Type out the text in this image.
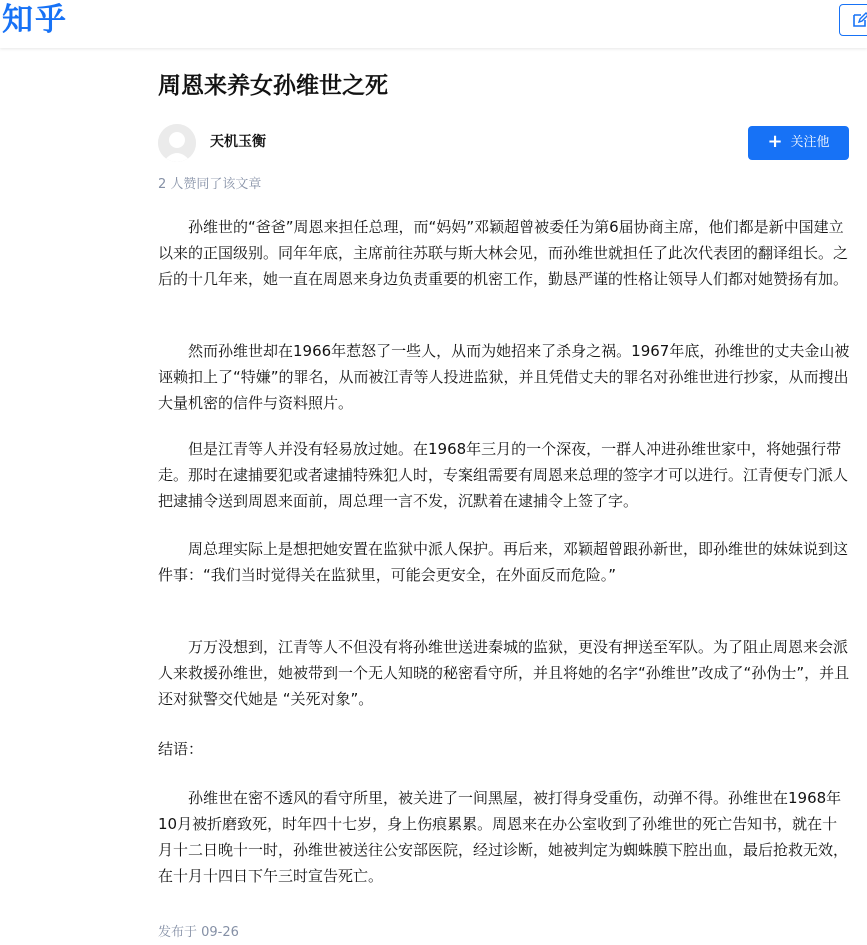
知乎
周恩来养女孙维世之死
天机玉衡	+ 关注他
2 人赞同了该文章

孙维世的“爸爸”周恩来担任总理，而“妈妈”邓颖超曾被委任为第6届协商主席，他们都是新中国建立以来的正国级别。同年年底，主席前往苏联与斯大林会见，而孙维世就担任了此次代表团的翻译组长。之后的十几年来，她一直在周恩来身边负责重要的机密工作，勤恳严谨的性格让领导人们都对她赞扬有加。

然而孙维世却在1966年惹怒了一些人，从而为她招来了杀身之祸。1967年底，孙维世的丈夫金山被诬赖扣上了“特嫌”的罪名，从而被江青等人投进监狱，并且凭借丈夫的罪名对孙维世进行抄家，从而搜出大量机密的信件与资料照片。

但是江青等人并没有轻易放过她。在1968年三月的一个深夜，一群人冲进孙维世家中，将她强行带走。那时在逮捕要犯或者逮捕特殊犯人时，专案组需要有周恩来总理的签字才可以进行。江青便专门派人把逮捕令送到周恩来面前，周总理一言不发，沉默着在逮捕令上签了字。

周总理实际上是想把她安置在监狱中派人保护。再后来，邓颖超曾跟孙新世，即孙维世的妹妹说到这件事：“我们当时觉得关在监狱里，可能会更安全，在外面反而危险。”

万万没想到，江青等人不但没有将孙维世送进秦城的监狱，更没有押送至军队。为了阻止周恩来会派人来救援孙维世，她被带到一个无人知晓的秘密看守所，并且将她的名字“孙维世”改成了“孙伪士”，并且还对狱警交代她是 “关死对象”。

结语：

孙维世在密不透风的看守所里，被关进了一间黑屋，被打得身受重伤，动弹不得。孙维世在1968年10月被折磨致死，时年四十七岁，身上伤痕累累。周恩来在办公室收到了孙维世的死亡告知书，就在十月十二日晚十一时，孙维世被送往公安部医院，经过诊断，她被判定为蜘蛛膜下腔出血，最后抢救无效，在十月十四日下午三时宣告死亡。

发布于 09-26
